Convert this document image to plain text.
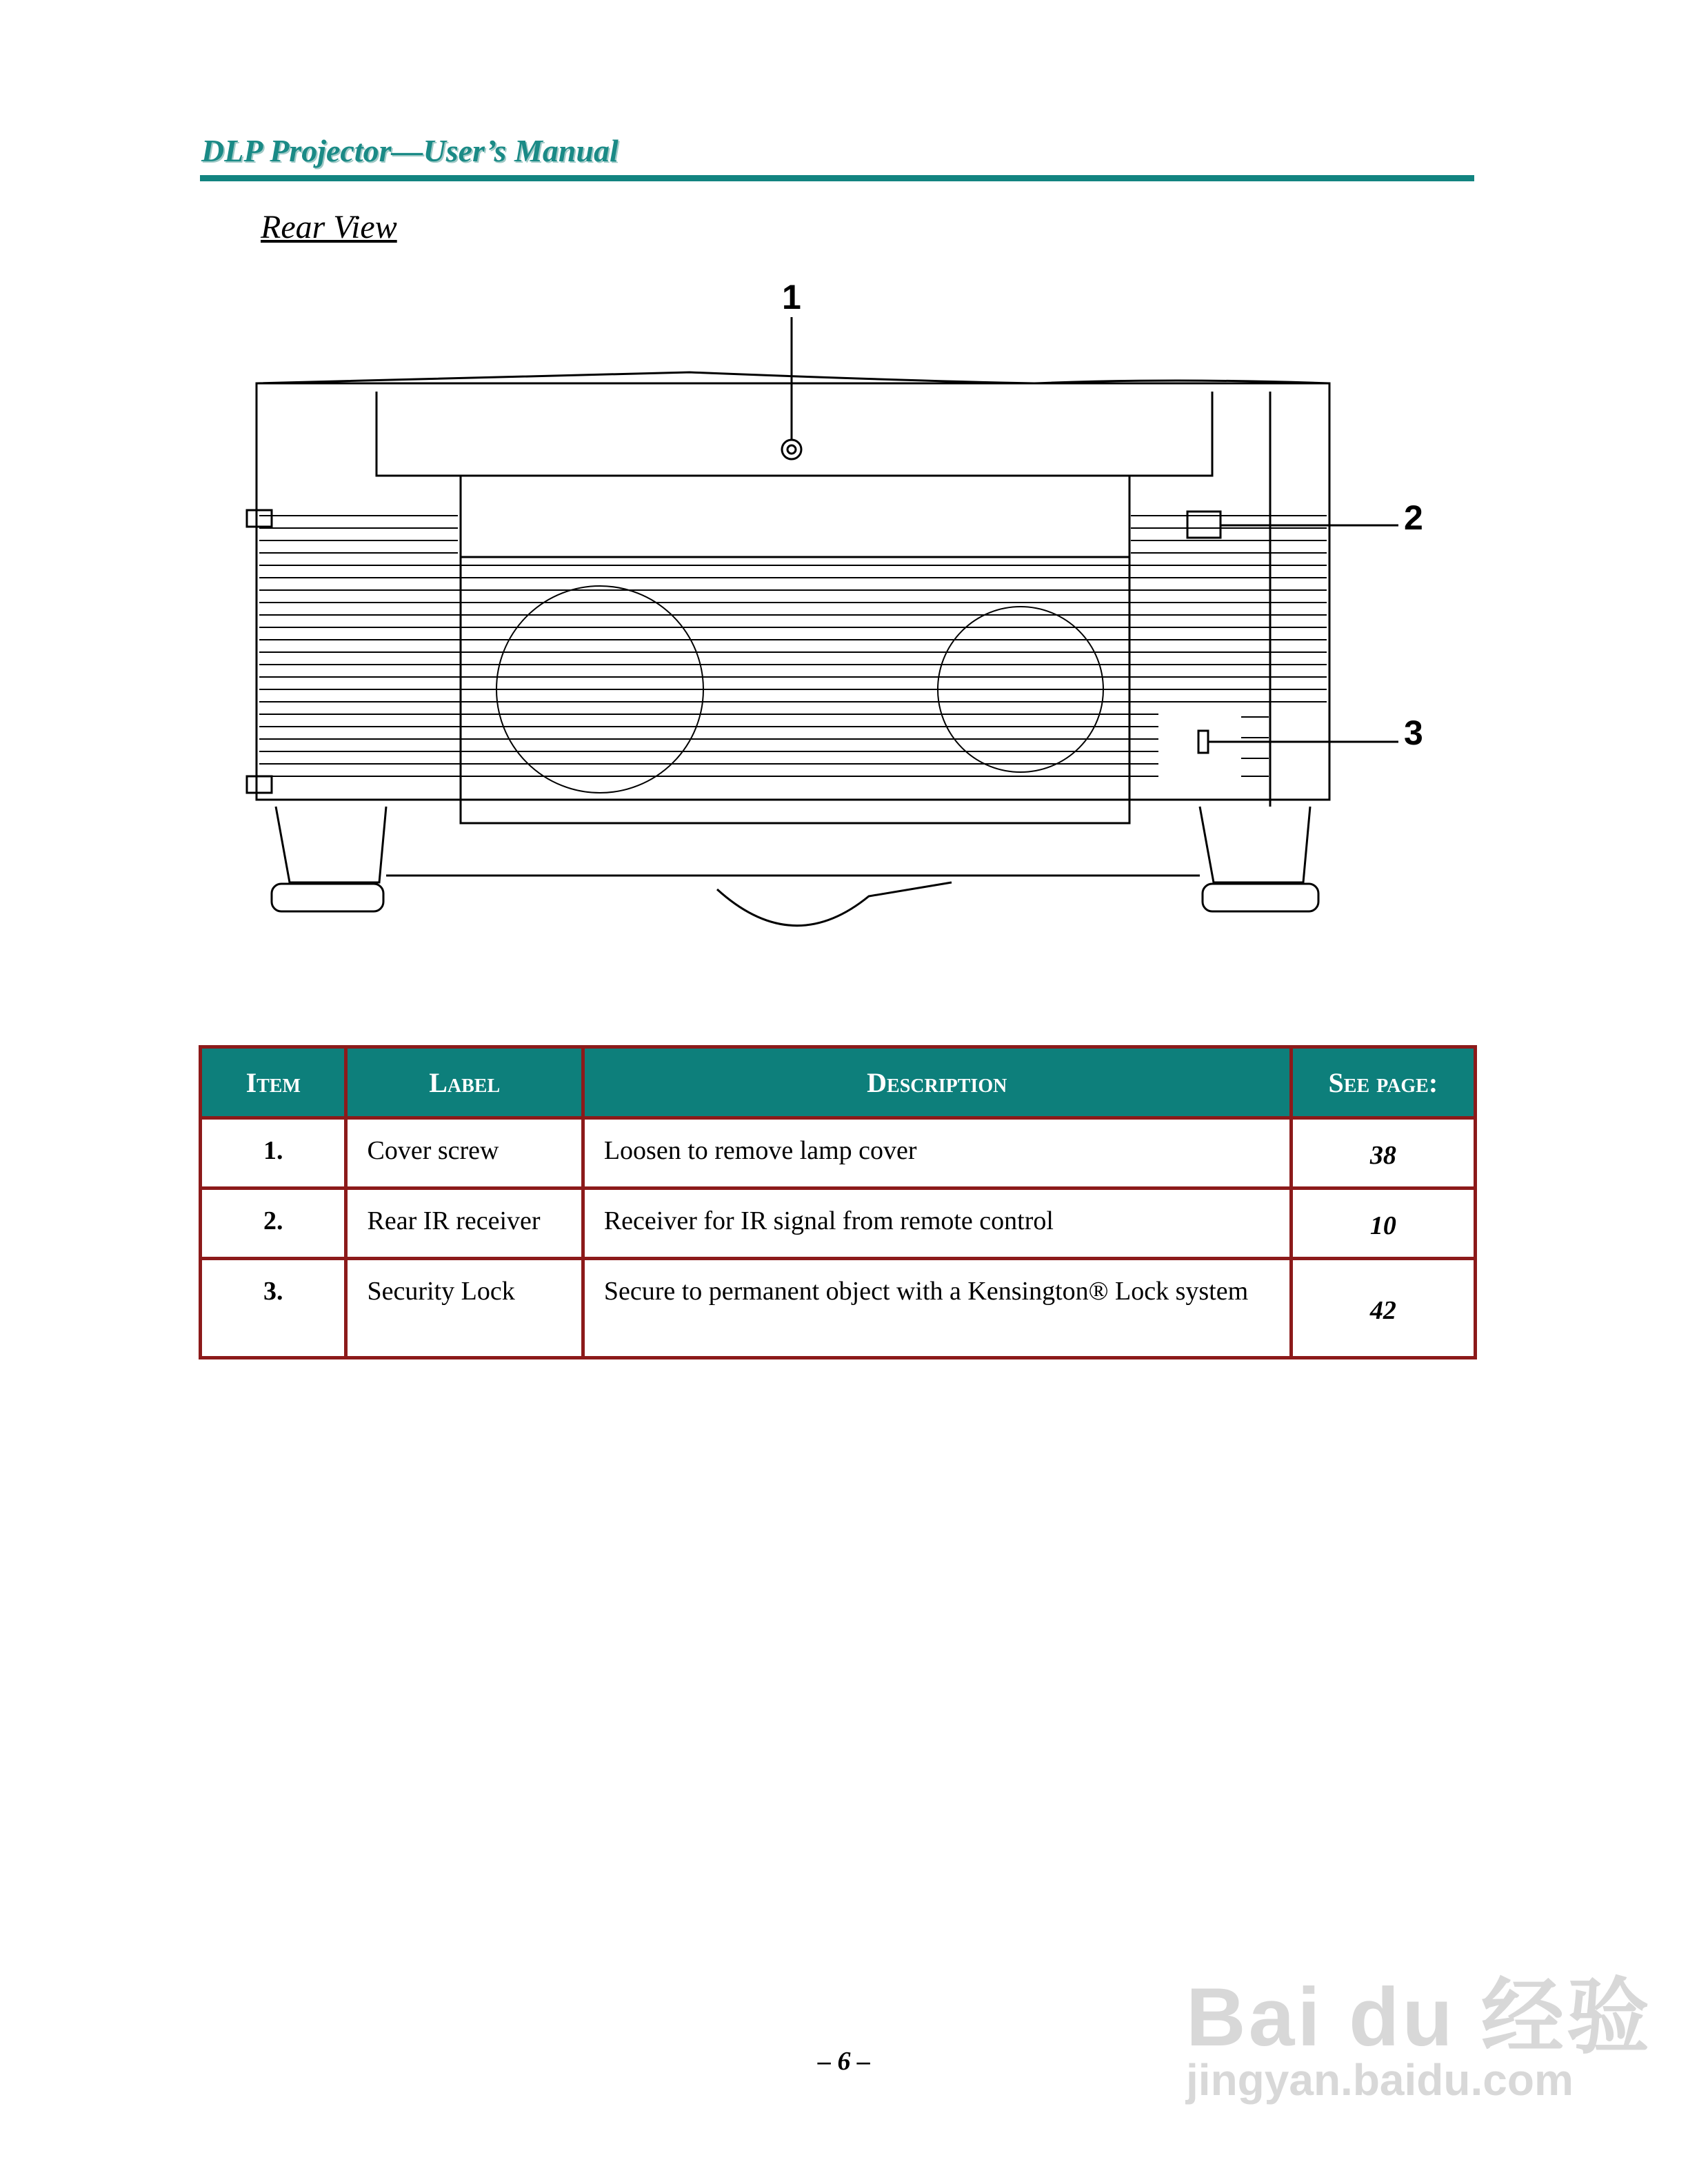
DLP Projector—User’s Manual
Rear View
1
2
3
Item	Label	Description	See page:
1.	Cover screw	Loosen to remove lamp cover	38
2.	Rear IR receiver	Receiver for IR signal from remote control	10
3.	Security Lock	Secure to permanent object with a Kensington® Lock system	42
Bai du 经验
jingyan.baidu.com
– 6 –
